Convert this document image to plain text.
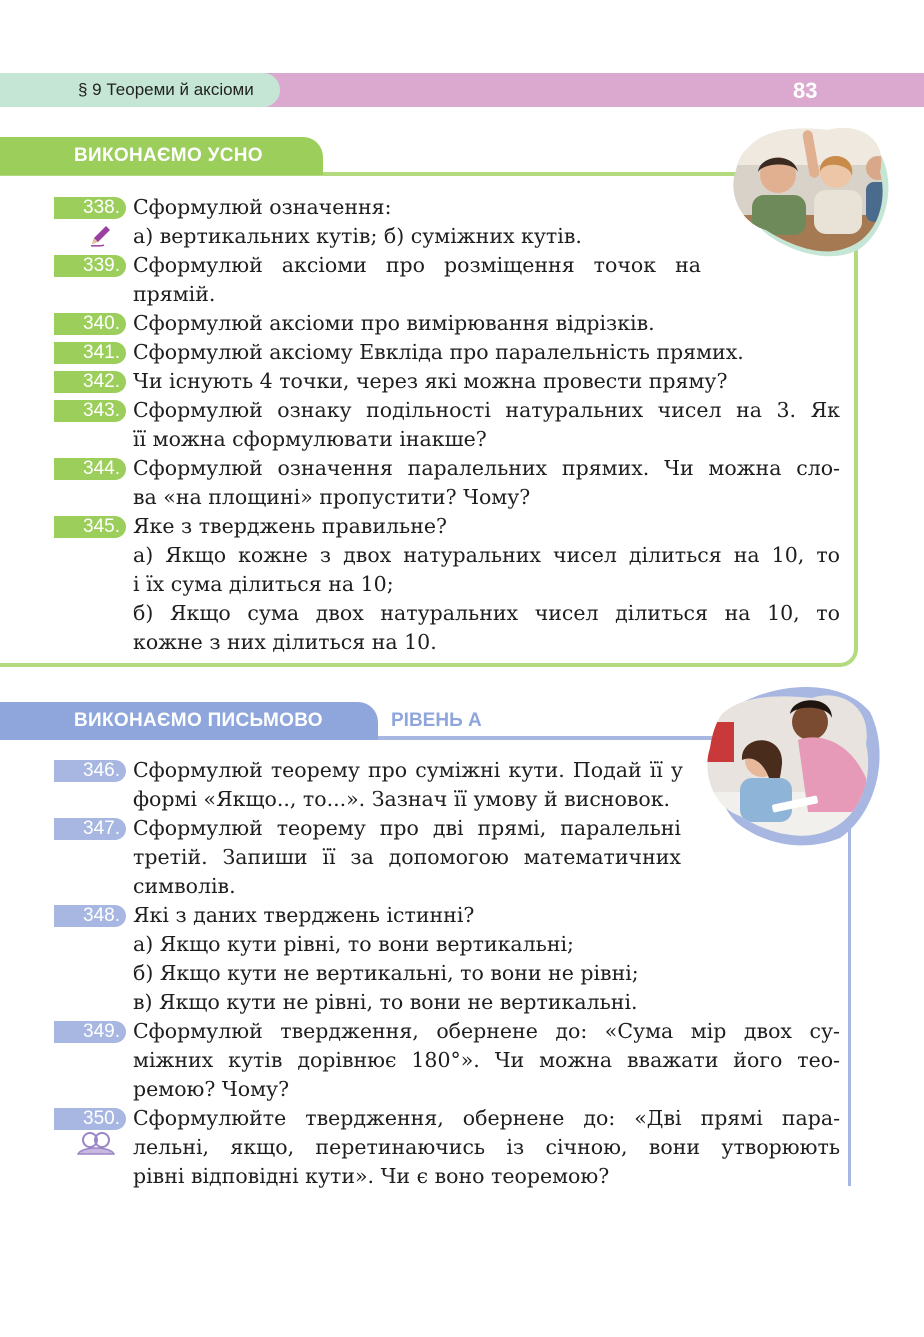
§ 9 Теореми й аксіоми	83
ВИКОНАЄМО УСНО
338. Сформулюй означення:
а) вертикальних кутів; б) суміжних кутів.
339. Сформулюй аксіоми про розміщення точок на
прямій.
340. Сформулюй аксіоми про вимірювання відрізків.
341. Сформулюй аксіому Евкліда про паралельність прямих.
342. Чи існують 4 точки, через які можна провести пряму?
343. Сформулюй ознаку подільності натуральних чисел на 3. Як
її можна сформулювати інакше?
344. Сформулюй означення паралельних прямих. Чи можна сло-
ва «на площині» пропустити? Чому?
345. Яке з тверджень правильне?
а) Якщо кожне з двох натуральних чисел ділиться на 10, то
і їх сума ділиться на 10;
б) Якщо сума двох натуральних чисел ділиться на 10, то
кожне з них ділиться на 10.
ВИКОНАЄМО ПИСЬМОВО	РІВЕНЬ А
346. Сформулюй теорему про суміжні кути. Подай її у
формі «Якщо.., то...». Зазнач її умову й висновок.
347. Сформулюй теорему про дві прямі, паралельні
третій. Запиши її за допомогою математичних
символів.
348. Які з даних тверджень істинні?
а) Якщо кути рівні, то вони вертикальні;
б) Якщо кути не вертикальні, то вони не рівні;
в) Якщо кути не рівні, то вони не вертикальні.
349. Сформулюй твердження, обернене до: «Сума мір двох су-
міжних кутів дорівнює 180°». Чи можна вважати його тео-
ремою? Чому?
350. Сформулюйте твердження, обернене до: «Дві прямі пара-
лельні, якщо, перетинаючись із січною, вони утворюють
рівні відповідні кути». Чи є воно теоремою?
